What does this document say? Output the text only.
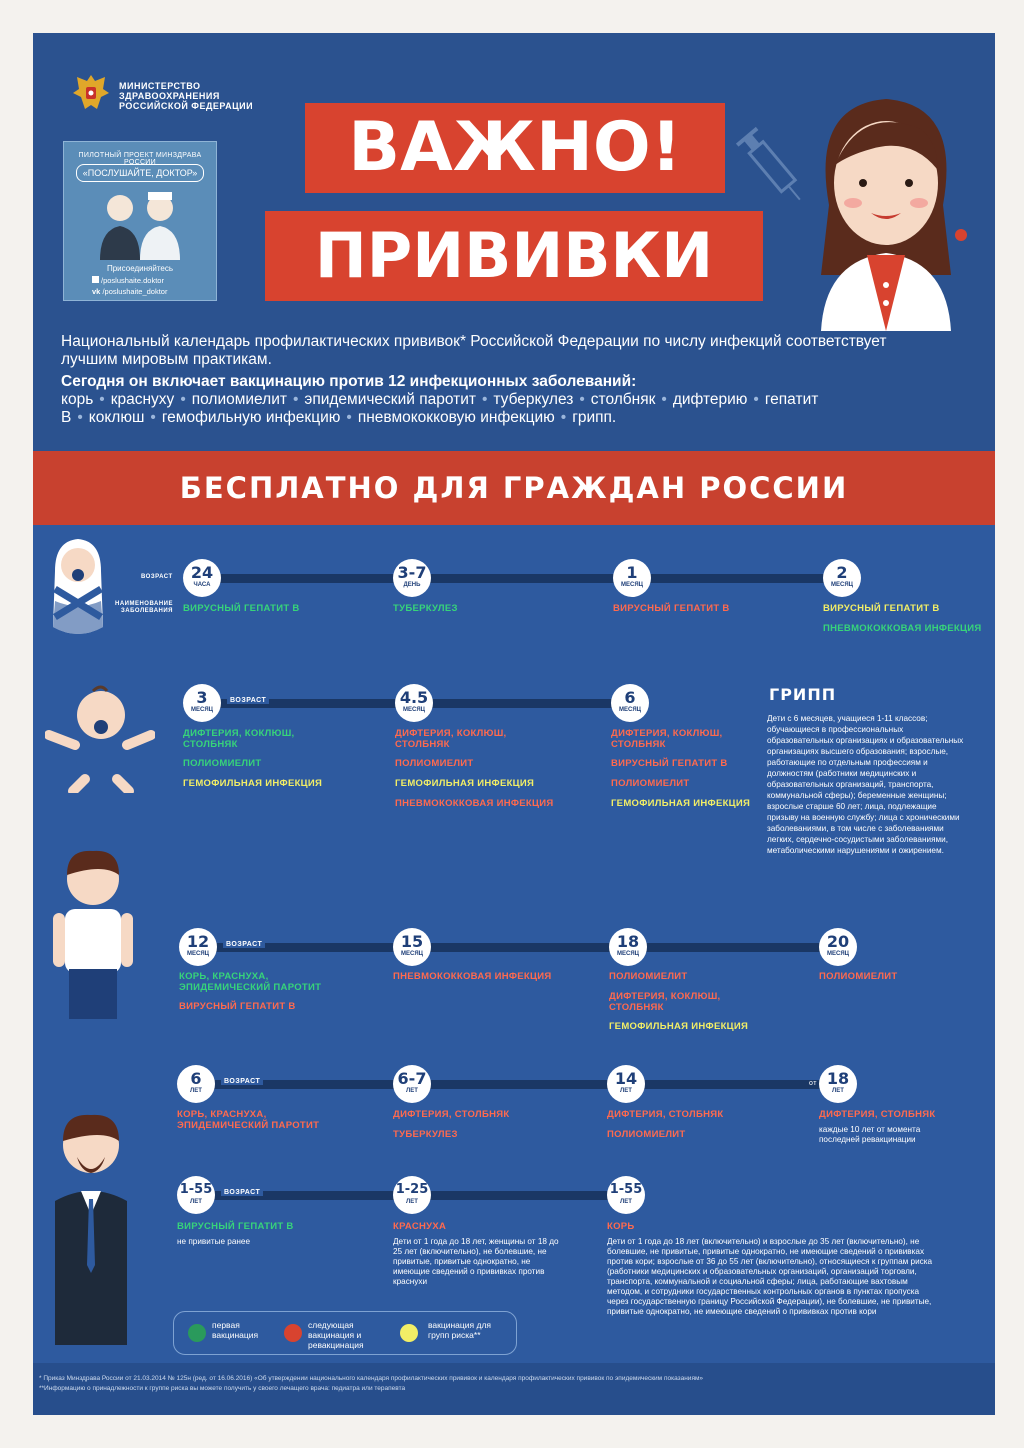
МИНИСТЕРСТВО
ЗДРАВООХРАНЕНИЯ
РОССИЙСКОЙ ФЕДЕРАЦИИ
ПИЛОТНЫЙ ПРОЕКТ МИНЗДРАВА РОССИИ
«ПОСЛУШАЙТЕ, ДОКТОР»
Присоединяйтесь
/poslushaite.doktor
vk /poslushaite_doktor
ВАЖНО!
ПРИВИВКИ
Национальный календарь профилактических прививок* Российской Федерации по числу инфекций соответствует лучшим мировым практикам.
Сегодня он включает вакцинацию против 12 инфекционных заболеваний: корь • краснуху • полиомиелит • эпидемический паротит • туберкулез • столбняк • дифтерию • гепатит В • коклюш • гемофильную инфекцию • пневмококковую инфекцию • грипп.
БЕСПЛАТНО ДЛЯ ГРАЖДАН РОССИИ
ВОЗРАСТ
НАИМЕНОВАНИЕ
ЗАБОЛЕВАНИЯ
24
ЧАСА
ВИРУСНЫЙ ГЕПАТИТ В
3-7
ДЕНЬ
ТУБЕРКУЛЕЗ
1
МЕСЯЦ
ВИРУСНЫЙ ГЕПАТИТ В
2
МЕСЯЦ
ВИРУСНЫЙ ГЕПАТИТ В
ПНЕВМОКОККОВАЯ ИНФЕКЦИЯ
ВОЗРАСТ
3
МЕСЯЦ
ДИФТЕРИЯ, КОКЛЮШ, СТОЛБНЯК
ПОЛИОМИЕЛИТ
ГЕМОФИЛЬНАЯ ИНФЕКЦИЯ
4.5
МЕСЯЦ
ДИФТЕРИЯ, КОКЛЮШ, СТОЛБНЯК
ПОЛИОМИЕЛИТ
ГЕМОФИЛЬНАЯ ИНФЕКЦИЯ
ПНЕВМОКОККОВАЯ ИНФЕКЦИЯ
6
МЕСЯЦ
ДИФТЕРИЯ, КОКЛЮШ, СТОЛБНЯК
ВИРУСНЫЙ ГЕПАТИТ В
ПОЛИОМИЕЛИТ
ГЕМОФИЛЬНАЯ ИНФЕКЦИЯ
ВОЗРАСТ
12
МЕСЯЦ
КОРЬ, КРАСНУХА, ЭПИДЕМИЧЕСКИЙ ПАРОТИТ
ВИРУСНЫЙ ГЕПАТИТ В
15
МЕСЯЦ
ПНЕВМОКОККОВАЯ ИНФЕКЦИЯ
18
МЕСЯЦ
ПОЛИОМИЕЛИТ
ДИФТЕРИЯ, КОКЛЮШ, СТОЛБНЯК
ГЕМОФИЛЬНАЯ ИНФЕКЦИЯ
20
МЕСЯЦ
ПОЛИОМИЕЛИТ
ВОЗРАСТ
6
ЛЕТ
КОРЬ, КРАСНУХА, ЭПИДЕМИЧЕСКИЙ ПАРОТИТ
6-7
ЛЕТ
ДИФТЕРИЯ, СТОЛБНЯК
ТУБЕРКУЛЕЗ
14
ЛЕТ
ДИФТЕРИЯ, СТОЛБНЯК
ПОЛИОМИЕЛИТ
18
ЛЕТ
от
ДИФТЕРИЯ, СТОЛБНЯК
каждые 10 лет от момента последней ревакцинации
ВОЗРАСТ
1-55
ЛЕТ
ВИРУСНЫЙ ГЕПАТИТ В
не привитые ранее
1-25
ЛЕТ
КРАСНУХА
Дети от 1 года до 18 лет, женщины от 18 до 25 лет (включительно), не болевшие, не привитые, привитые однократно, не имеющие сведений о прививках против краснухи
1-55
ЛЕТ
КОРЬ
Дети от 1 года до 18 лет (включительно) и взрослые до 35 лет (включительно), не болевшие, не привитые, привитые однократно, не имеющие сведений о прививках против кори; взрослые от 36 до 55 лет (включительно), относящиеся к группам риска (работники медицинских и образовательных организаций, организаций торговли, транспорта, коммунальной и социальной сферы; лица, работающие вахтовым методом, и сотрудники государственных контрольных органов в пунктах пропуска через государственную границу Российской Федерации), не болевшие, не привитые, привитые однократно, не имеющие сведений о прививках против кори
ГРИПП
Дети с 6 месяцев, учащиеся 1-11 классов; обучающиеся в профессиональных образовательных организациях и образовательных организациях высшего образования; взрослые, работающие по отдельным профессиям и должностям (работники медицинских и образовательных организаций, транспорта, коммунальной сферы); беременные женщины; взрослые старше 60 лет; лица, подлежащие призыву на военную службу; лица с хроническими заболеваниями, в том числе с заболеваниями легких, сердечно-сосудистыми заболеваниями, метаболическими нарушениями и ожирением.
первая вакцинация
следующая вакцинация и ревакцинация
вакцинация для групп риска**
* Приказ Минздрава России от 21.03.2014 № 125н (ред. от 16.06.2016) «Об утверждении национального календаря профилактических прививок и календаря профилактических прививок по эпидемическим показаниям»
**Информацию о принадлежности к группе риска вы можете получить у своего лечащего врача: педиатра или терапевта
